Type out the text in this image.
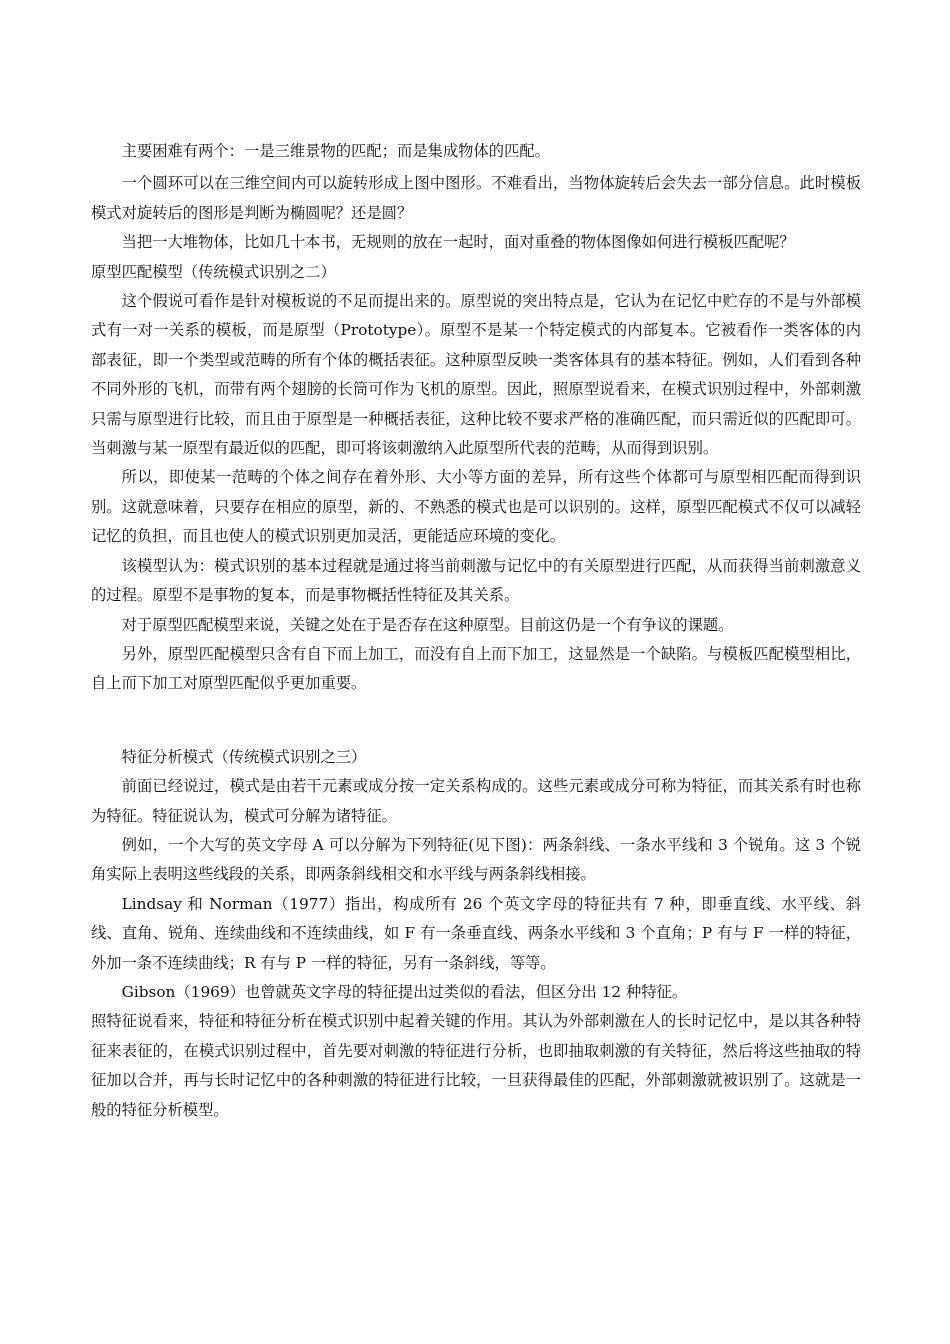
主要困难有两个：一是三维景物的匹配；而是集成物体的匹配。

一个圆环可以在三维空间内可以旋转形成上图中图形。不难看出，当物体旋转后会失去一部分信息。此时模板模式对旋转后的图形是判断为椭圆呢？还是圆？

当把一大堆物体，比如几十本书，无规则的放在一起时，面对重叠的物体图像如何进行模板匹配呢？

原型匹配模型（传统模式识别之二）

这个假说可看作是针对模板说的不足而提出来的。原型说的突出特点是，它认为在记忆中贮存的不是与外部模式有一对一关系的模板，而是原型（Prototype）。原型不是某一个特定模式的内部复本。它被看作一类客体的内部表征，即一个类型或范畴的所有个体的概括表征。这种原型反映一类客体具有的基本特征。例如，人们看到各种不同外形的飞机，而带有两个翅膀的长筒可作为飞机的原型。因此，照原型说看来，在模式识别过程中，外部刺激只需与原型进行比较，而且由于原型是一种概括表征，这种比较不要求严格的准确匹配，而只需近似的匹配即可。当刺激与某一原型有最近似的匹配，即可将该刺激纳入此原型所代表的范畴，从而得到识别。

所以，即使某一范畴的个体之间存在着外形、大小等方面的差异，所有这些个体都可与原型相匹配而得到识别。这就意味着，只要存在相应的原型，新的、不熟悉的模式也是可以识别的。这样，原型匹配模式不仅可以减轻记忆的负担，而且也使人的模式识别更加灵活，更能适应环境的变化。

该模型认为：模式识别的基本过程就是通过将当前刺激与记忆中的有关原型进行匹配，从而获得当前刺激意义的过程。原型不是事物的复本，而是事物概括性特征及其关系。

对于原型匹配模型来说，关键之处在于是否存在这种原型。目前这仍是一个有争议的课题。

另外，原型匹配模型只含有自下而上加工，而没有自上而下加工，这显然是一个缺陷。与模板匹配模型相比，自上而下加工对原型匹配似乎更加重要。

特征分析模式（传统模式识别之三）

前面已经说过，模式是由若干元素或成分按一定关系构成的。这些元素或成分可称为特征，而其关系有时也称为特征。特征说认为，模式可分解为诸特征。

例如，一个大写的英文字母 A 可以分解为下列特征(见下图)：两条斜线、一条水平线和 3 个锐角。这 3 个锐角实际上表明这些线段的关系，即两条斜线相交和水平线与两条斜线相接。

Lindsay 和 Norman（1977）指出，构成所有 26 个英文字母的特征共有 7 种，即垂直线、水平线、斜线、直角、锐角、连续曲线和不连续曲线，如 F 有一条垂直线、两条水平线和 3 个直角；P 有与 F 一样的特征，外加一条不连续曲线；R 有与 P 一样的特征，另有一条斜线，等等。

Gibson（1969）也曾就英文字母的特征提出过类似的看法，但区分出 12 种特征。

照特征说看来，特征和特征分析在模式识别中起着关键的作用。其认为外部刺激在人的长时记忆中，是以其各种特征来表征的，在模式识别过程中，首先要对刺激的特征进行分析，也即抽取刺激的有关特征，然后将这些抽取的特征加以合并，再与长时记忆中的各种刺激的特征进行比较，一旦获得最佳的匹配，外部刺激就被识别了。这就是一般的特征分析模型。
